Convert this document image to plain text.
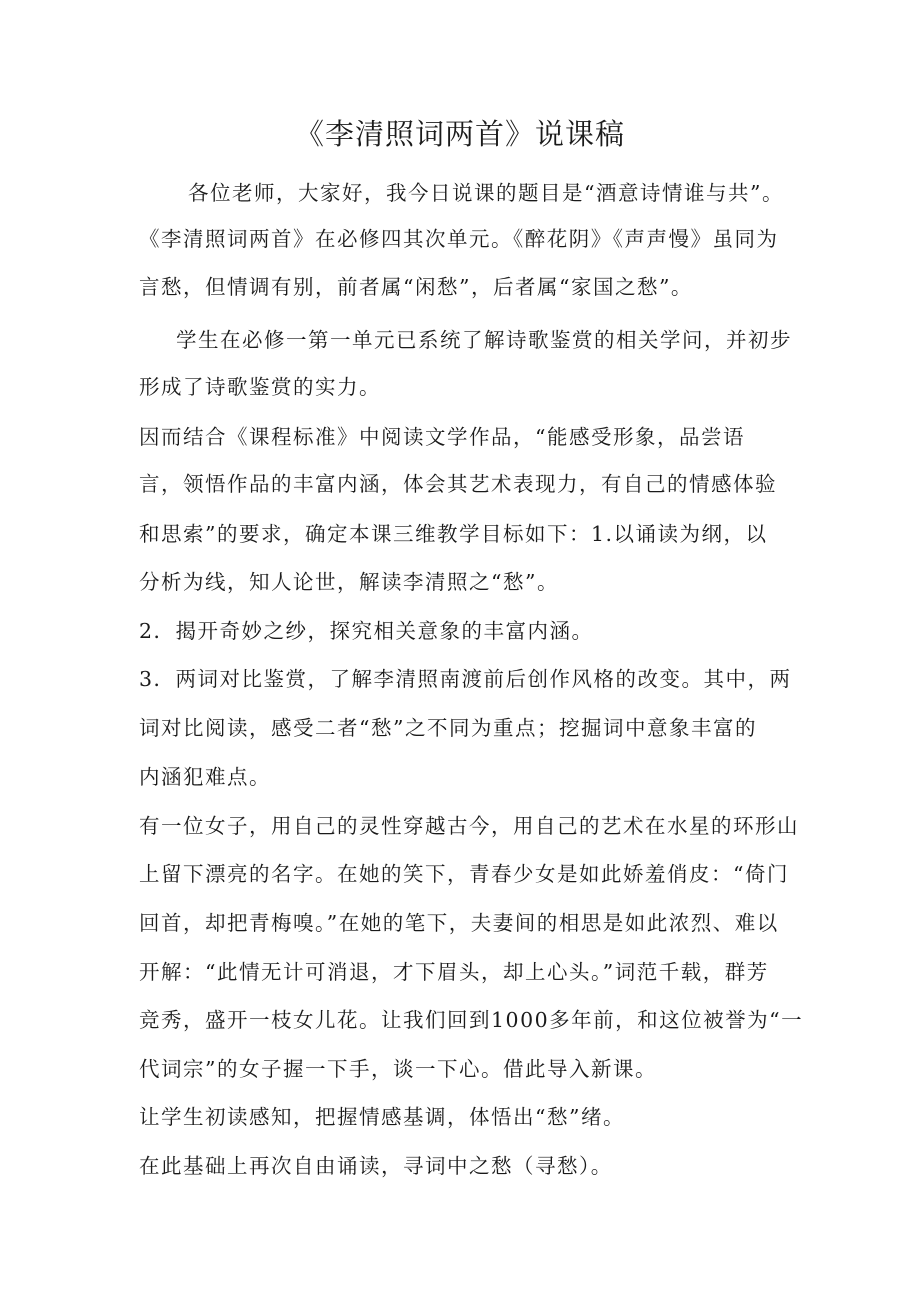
《李清照词两首》说课稿
各位老师，大家好，我今日说课的题目是“酒意诗情谁与共”。
《李清照词两首》在必修四其次单元。《醉花阴》《声声慢》虽同为
言愁，但情调有别，前者属“闲愁”，后者属“家国之愁”。
学生在必修一第一单元已系统了解诗歌鉴赏的相关学问，并初步
形成了诗歌鉴赏的实力。
因而结合《课程标准》中阅读文学作品，“能感受形象，品尝语
言，领悟作品的丰富内涵，体会其艺术表现力，有自己的情感体验
和思索”的要求，确定本课三维教学目标如下：1.以诵读为纲，以
分析为线，知人论世，解读李清照之“愁”。
2．揭开奇妙之纱，探究相关意象的丰富内涵。
3．两词对比鉴赏，了解李清照南渡前后创作风格的改变。其中，两
词对比阅读，感受二者“愁”之不同为重点；挖掘词中意象丰富的
内涵犯难点。
有一位女子，用自己的灵性穿越古今，用自己的艺术在水星的环形山
上留下漂亮的名字。在她的笑下，青春少女是如此娇羞俏皮：“倚门
回首，却把青梅嗅。”在她的笔下，夫妻间的相思是如此浓烈、难以
开解：“此情无计可消退，才下眉头，却上心头。”词范千载，群芳
竞秀，盛开一枝女儿花。让我们回到1000多年前，和这位被誉为“一
代词宗”的女子握一下手，谈一下心。借此导入新课。
让学生初读感知，把握情感基调，体悟出“愁”绪。
在此基础上再次自由诵读，寻词中之愁（寻愁）。
